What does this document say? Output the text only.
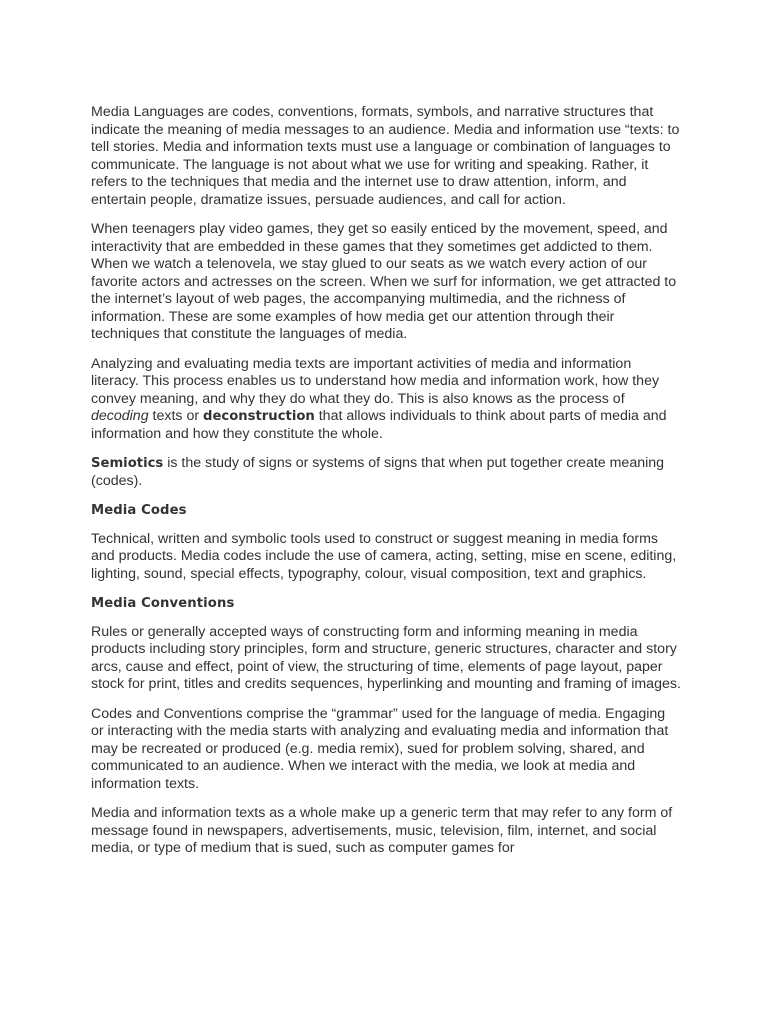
Media Languages are codes, conventions, formats, symbols, and narrative structures that indicate the meaning of media messages to an audience. Media and information use “texts: to tell stories. Media and information texts must use a language or combination of languages to communicate. The language is not about what we use for writing and speaking. Rather, it refers to the techniques that media and the internet use to draw attention, inform, and entertain people, dramatize issues, persuade audiences, and call for action.

When teenagers play video games, they get so easily enticed by the movement, speed, and interactivity that are embedded in these games that they sometimes get addicted to them. When we watch a telenovela, we stay glued to our seats as we watch every action of our favorite actors and actresses on the screen. When we surf for information, we get attracted to the internet’s layout of web pages, the accompanying multimedia, and the richness of information. These are some examples of how media get our attention through their techniques that constitute the languages of media.

Analyzing and evaluating media texts are important activities of media and information literacy. This process enables us to understand how media and information work, how they convey meaning, and why they do what they do. This is also knows as the process of decoding texts or deconstruction that allows individuals to think about parts of media and information and how they constitute the whole.

Semiotics is the study of signs or systems of signs that when put together create meaning (codes).

Media Codes

Technical, written and symbolic tools used to construct or suggest meaning in media forms and products. Media codes include the use of camera, acting, setting, mise en scene, editing, lighting, sound, special effects, typography, colour, visual composition, text and graphics.

Media Conventions

Rules or generally accepted ways of constructing form and informing meaning in media products including story principles, form and structure, generic structures, character and story arcs, cause and effect, point of view, the structuring of time, elements of page layout, paper stock for print, titles and credits sequences, hyperlinking and mounting and framing of images.

Codes and Conventions comprise the “grammar” used for the language of media. Engaging or interacting with the media starts with analyzing and evaluating media and information that may be recreated or produced (e.g. media remix), sued for problem solving, shared, and communicated to an audience. When we interact with the media, we look at media and information texts.

Media and information texts as a whole make up a generic term that may refer to any form of message found in newspapers, advertisements, music, television, film, internet, and social media, or type of medium that is sued, such as computer games for
